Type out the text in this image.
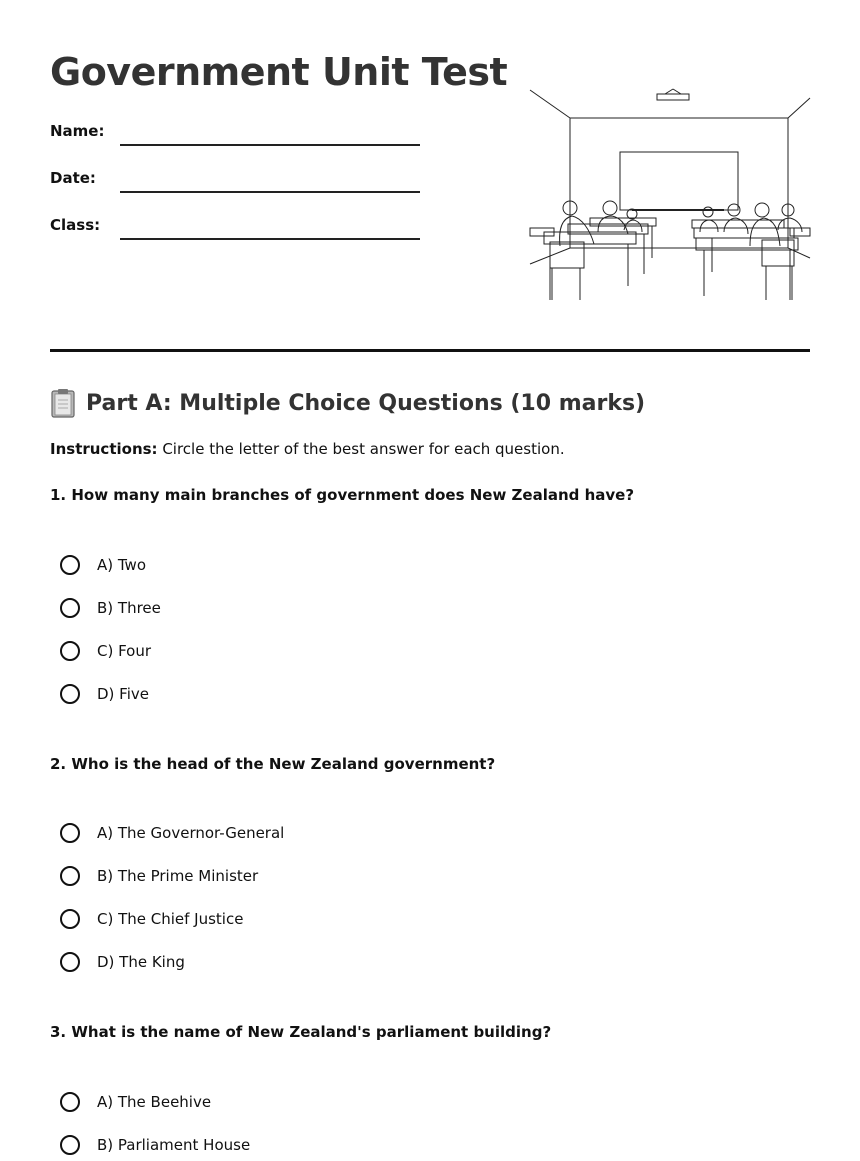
Government Unit Test
Name:
Date:
Class:
Part A: Multiple Choice Questions (10 marks)

Instructions: Circle the letter of the best answer for each question.

1. How many main branches of government does New Zealand have?

A) Two
B) Three
C) Four
D) Five

2. Who is the head of the New Zealand government?

A) The Governor-General
B) The Prime Minister
C) The Chief Justice
D) The King

3. What is the name of New Zealand's parliament building?

A) The Beehive
B) Parliament House
